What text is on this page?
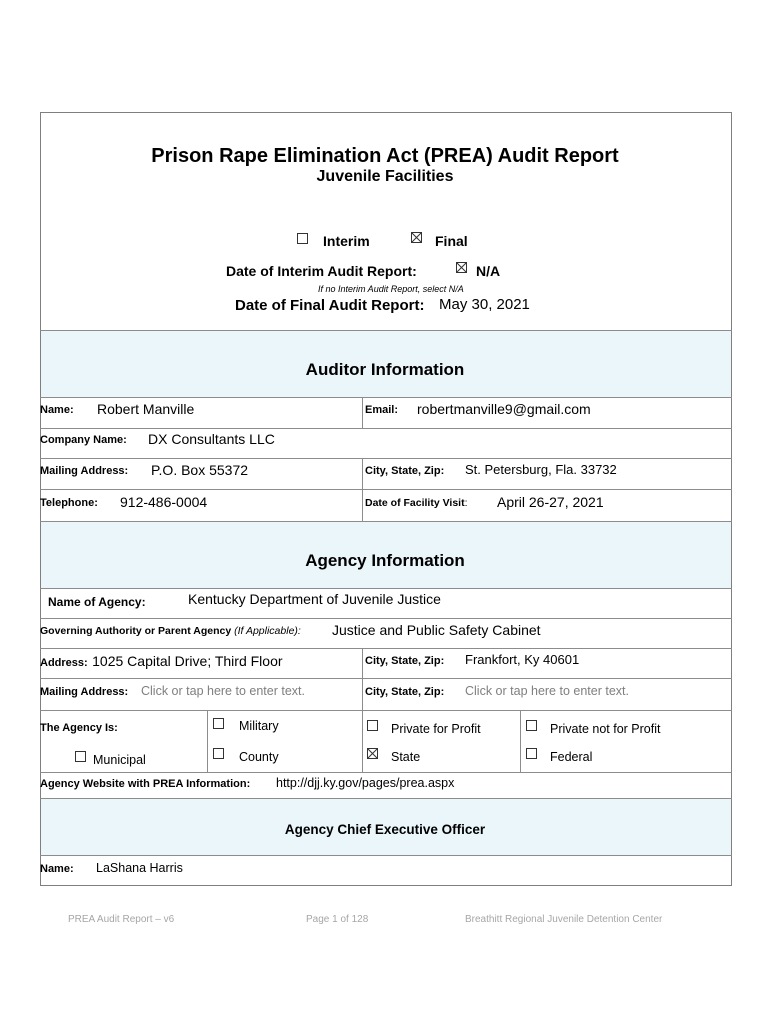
Prison Rape Elimination Act (PREA) Audit Report
Juvenile Facilities
Interim	Final
Date of Interim Audit Report:	N/A
If no Interim Audit Report, select N/A
Date of Final Audit Report: May 30, 2021
Auditor Information
Name: Robert Manville	Email: robertmanville9@gmail.com
Company Name: DX Consultants LLC
Mailing Address: P.O. Box 55372	City, State, Zip: St. Petersburg, Fla. 33732
Telephone: 912-486-0004	Date of Facility Visit: April 26-27, 2021
Agency Information
Name of Agency:	Kentucky Department of Juvenile Justice
Governing Authority or Parent Agency (If Applicable): Justice and Public Safety Cabinet
Address: 1025 Capital Drive; Third Floor	City, State, Zip: Frankfort, Ky 40601
Mailing Address: Click or tap here to enter text.	City, State, Zip: Click or tap here to enter text.
The Agency Is:	Military	Private for Profit	Private not for Profit
Municipal	County	State	Federal
Agency Website with PREA Information: http://djj.ky.gov/pages/prea.aspx
Agency Chief Executive Officer
Name: LaShana Harris
PREA Audit Report – v6	Page 1 of 128	Breathitt Regional Juvenile Detention Center
